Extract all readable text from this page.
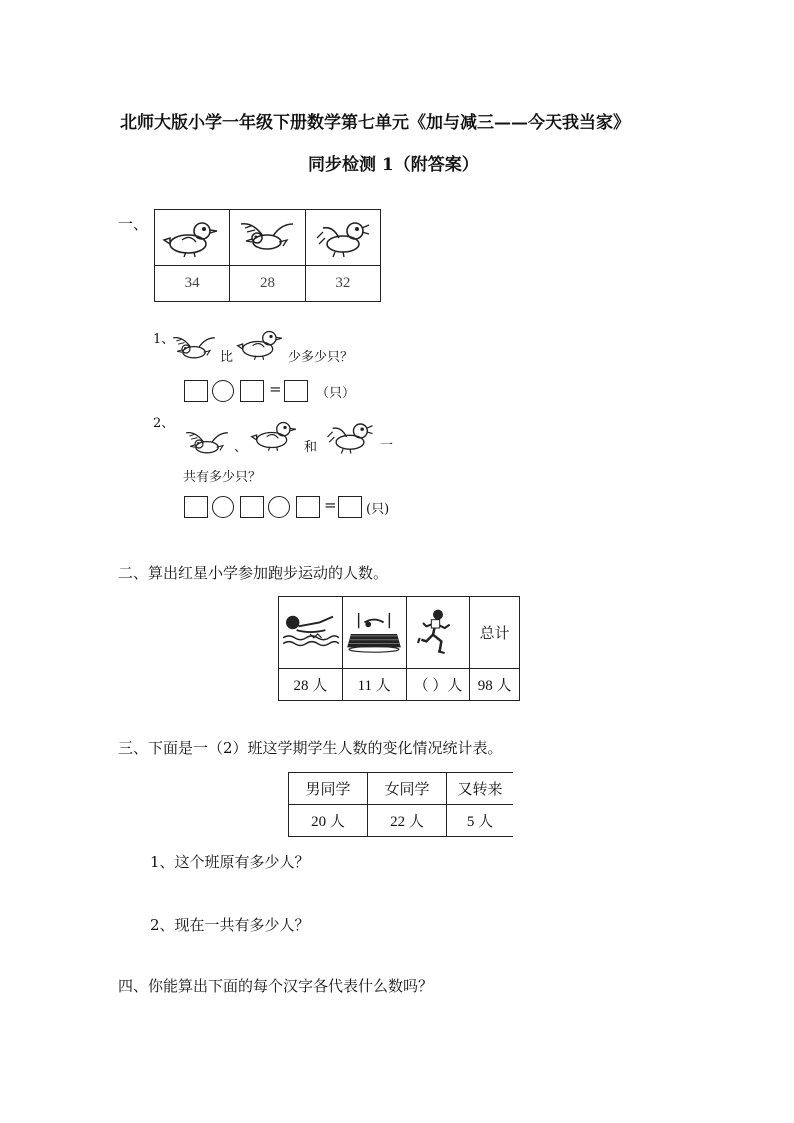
北师大版小学一年级下册数学第七单元《加与减三——今天我当家》
同步检测 1（附答案）
一、

34	28	32
1、
比	少多少只？
=	（只）
2、
、	和	一
共有多少只？
= (只)
二、算出红星小学参加跑步运动的人数。

	总计
28 人	11 人	（ ）人	98 人
三、下面是一（2）班这学期学生人数的变化情况统计表。
男同学	女同学	又转来
20 人	22 人	5 人
1、这个班原有多少人？
2、现在一共有多少人？
四、你能算出下面的每个汉字各代表什么数吗？
